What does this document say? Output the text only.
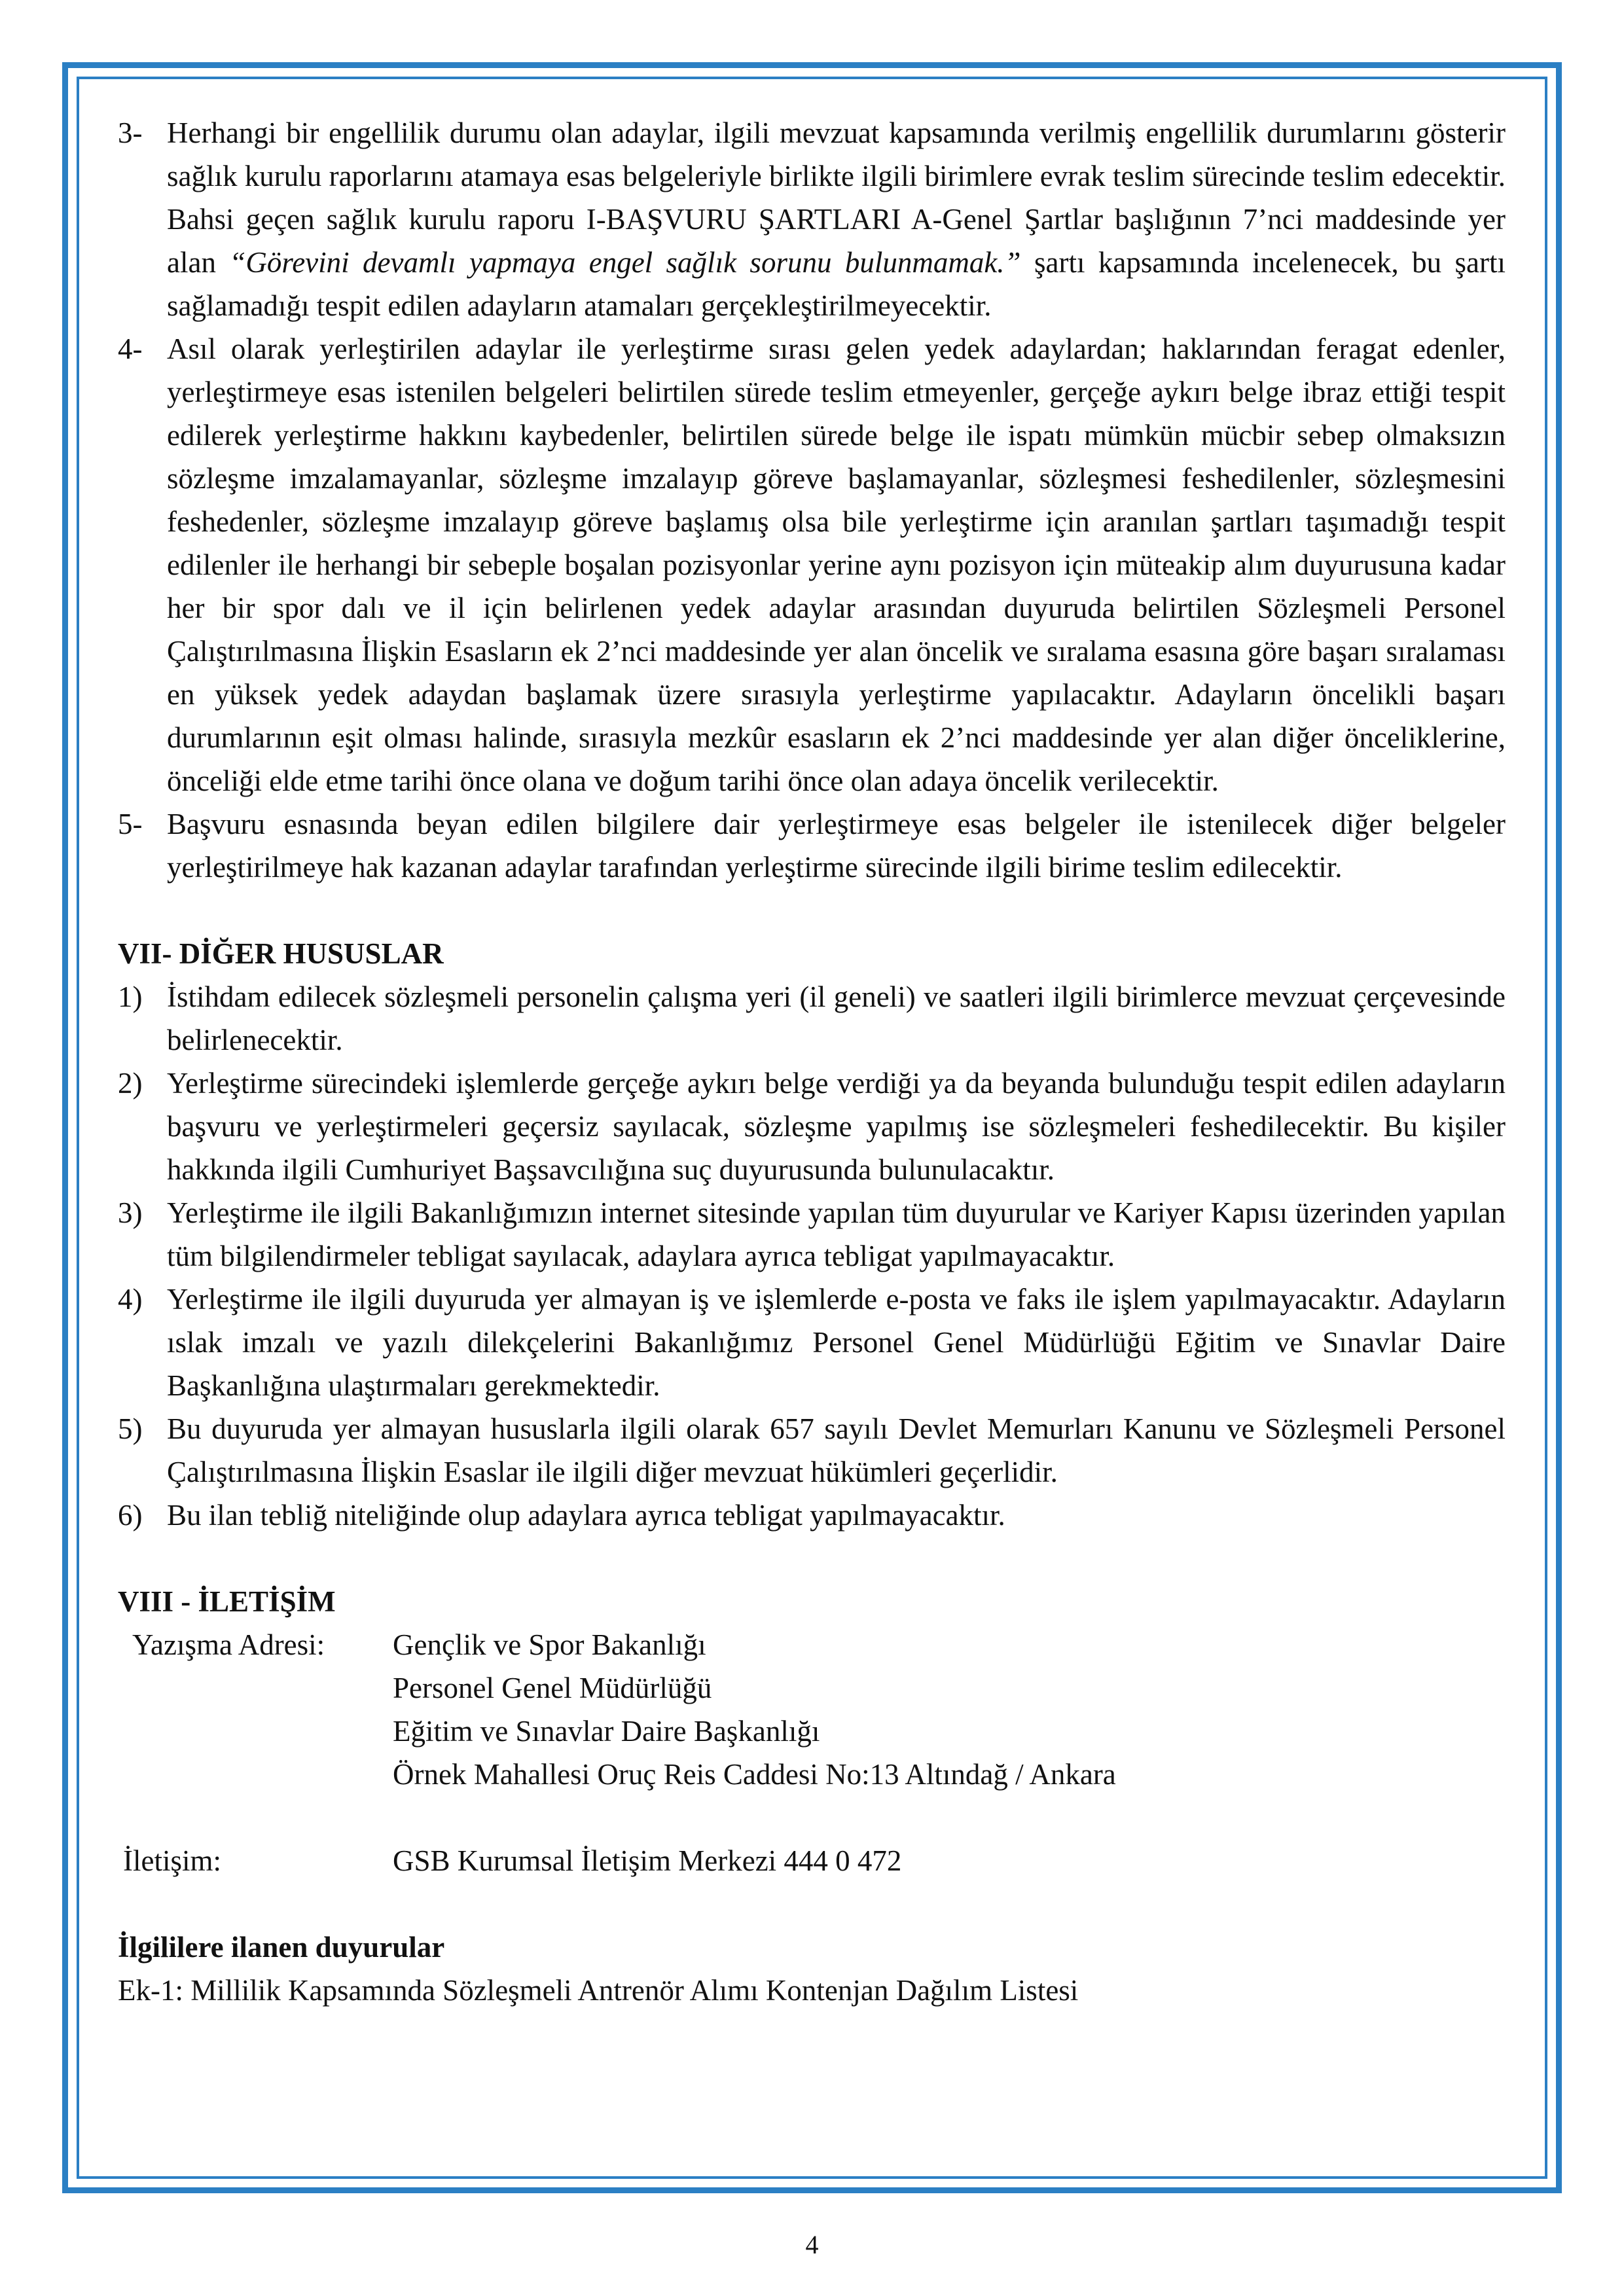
3- Herhangi bir engellilik durumu olan adaylar, ilgili mevzuat kapsamında verilmiş engellilik durumlarını gösterir sağlık kurulu raporlarını atamaya esas belgeleriyle birlikte ilgili birimlere evrak teslim sürecinde teslim edecektir. Bahsi geçen sağlık kurulu raporu I-BAŞVURU ŞARTLARI A-Genel Şartlar başlığının 7’nci maddesinde yer alan “Görevini devamlı yapmaya engel sağlık sorunu bulunmamak.” şartı kapsamında incelenecek, bu şartı sağlamadığı tespit edilen adayların atamaları gerçekleştirilmeyecektir.
4- Asıl olarak yerleştirilen adaylar ile yerleştirme sırası gelen yedek adaylardan; haklarından feragat edenler, yerleştirmeye esas istenilen belgeleri belirtilen sürede teslim etmeyenler, gerçeğe aykırı belge ibraz ettiği tespit edilerek yerleştirme hakkını kaybedenler, belirtilen sürede belge ile ispatı mümkün mücbir sebep olmaksızın sözleşme imzalamayanlar, sözleşme imzalayıp göreve başlamayanlar, sözleşmesi feshedilenler, sözleşmesini feshedenler, sözleşme imzalayıp göreve başlamış olsa bile yerleştirme için aranılan şartları taşımadığı tespit edilenler ile herhangi bir sebeple boşalan pozisyonlar yerine aynı pozisyon için müteakip alım duyurusuna kadar her bir spor dalı ve il için belirlenen yedek adaylar arasından duyuruda belirtilen Sözleşmeli Personel Çalıştırılmasına İlişkin Esasların ek 2’nci maddesinde yer alan öncelik ve sıralama esasına göre başarı sıralaması en yüksek yedek adaydan başlamak üzere sırasıyla yerleştirme yapılacaktır. Adayların öncelikli başarı durumlarının eşit olması halinde, sırasıyla mezkûr esasların ek 2’nci maddesinde yer alan diğer önceliklerine, önceliği elde etme tarihi önce olana ve doğum tarihi önce olan adaya öncelik verilecektir.
5- Başvuru esnasında beyan edilen bilgilere dair yerleştirmeye esas belgeler ile istenilecek diğer belgeler yerleştirilmeye hak kazanan adaylar tarafından yerleştirme sürecinde ilgili birime teslim edilecektir.
VII- DİĞER HUSUSLAR
1) İstihdam edilecek sözleşmeli personelin çalışma yeri (il geneli) ve saatleri ilgili birimlerce mevzuat çerçevesinde belirlenecektir.
2) Yerleştirme sürecindeki işlemlerde gerçeğe aykırı belge verdiği ya da beyanda bulunduğu tespit edilen adayların başvuru ve yerleştirmeleri geçersiz sayılacak, sözleşme yapılmış ise sözleşmeleri feshedilecektir. Bu kişiler hakkında ilgili Cumhuriyet Başsavcılığına suç duyurusunda bulunulacaktır.
3) Yerleştirme ile ilgili Bakanlığımızın internet sitesinde yapılan tüm duyurular ve Kariyer Kapısı üzerinden yapılan tüm bilgilendirmeler tebligat sayılacak, adaylara ayrıca tebligat yapılmayacaktır.
4) Yerleştirme ile ilgili duyuruda yer almayan iş ve işlemlerde e-posta ve faks ile işlem yapılmayacaktır. Adayların ıslak imzalı ve yazılı dilekçelerini Bakanlığımız Personel Genel Müdürlüğü Eğitim ve Sınavlar Daire Başkanlığına ulaştırmaları gerekmektedir.
5) Bu duyuruda yer almayan hususlarla ilgili olarak 657 sayılı Devlet Memurları Kanunu ve Sözleşmeli Personel Çalıştırılmasına İlişkin Esaslar ile ilgili diğer mevzuat hükümleri geçerlidir.
6) Bu ilan tebliğ niteliğinde olup adaylara ayrıca tebligat yapılmayacaktır.
VIII - İLETİŞİM
Yazışma Adresi: Gençlik ve Spor Bakanlığı
Personel Genel Müdürlüğü
Eğitim ve Sınavlar Daire Başkanlığı
Örnek Mahallesi Oruç Reis Caddesi No:13 Altındağ / Ankara
İletişim:	GSB Kurumsal İletişim Merkezi 444 0 472
İlgililere ilanen duyurular
Ek-1: Millilik Kapsamında Sözleşmeli Antrenör Alımı Kontenjan Dağılım Listesi
4
